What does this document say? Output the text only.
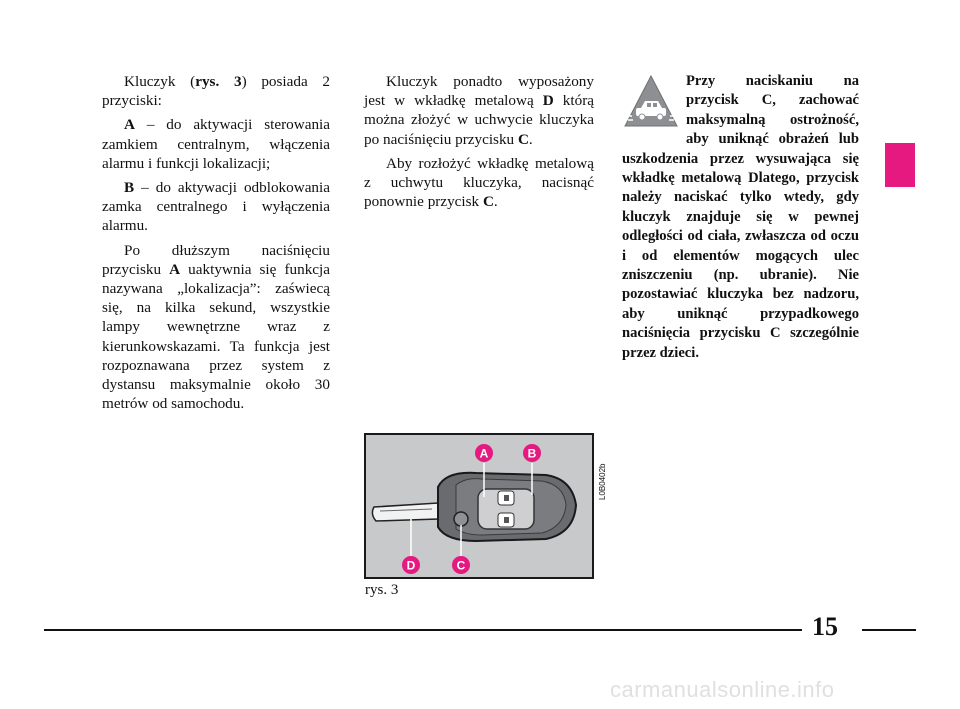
Kluczyk (rys. 3) posiada 2 przyciski:

A – do aktywacji sterowania zamkiem centralnym, włączenia alarmu i funkcji lokalizacji;

B – do aktywacji odblokowania zamka centralnego i wyłączenia alarmu.

Po dłuższym naciśnięciu przycisku A uaktywnia się funkcja nazywana „lokalizacja”: zaświecą się, na kilka sekund, wszystkie lampy wewnętrzne wraz z kierunkowskazami. Ta funkcja jest rozpoznawana przez system z dystansu maksymalnie około 30 metrów od samochodu.

Kluczyk ponadto wyposażony jest w wkładkę metalową D którą można złożyć w uchwycie kluczyka po naciśnięciu przycisku C.

Aby rozłożyć wkładkę metalową z uchwytu kluczyka, nacisnąć ponownie przycisk C.

Przy naciskaniu na przycisk C, zachować maksymalną ostrożność, aby uniknąć obrażeń lub uszkodzenia przez wysuwająca się wkładkę metalową Dlatego, przycisk należy naciskać tylko wtedy, gdy kluczyk znajduje się w pewnej odległości od ciała, zwłaszcza od oczu i od elementów mogących ulec zniszczeniu (np. ubranie). Nie pozostawiać kluczyka bez nadzoru, aby uniknąć przypadkowego naciśnięcia przycisku C szczególnie przez dzieci.
A	B
C
D
L0B0402b
rys. 3
15
carmanualsonline.info
